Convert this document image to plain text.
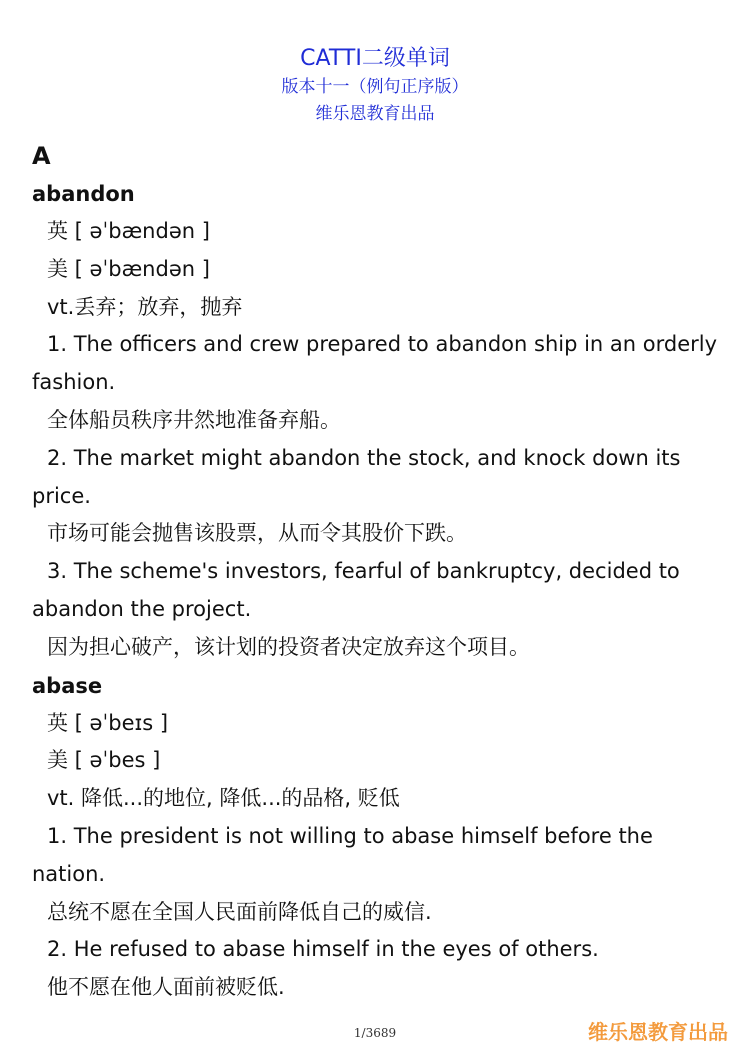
CATTI二级单词
版本十一（例句正序版）
维乐恩教育出品
A
abandon
英 [ əˈbændən ]
美 [ əˈbændən ]
vt.丢弃；放弃，抛弃
1. The officers and crew prepared to abandon ship in an orderly fashion.
全体船员秩序井然地准备弃船。
2. The market might abandon the stock, and knock down its price.
市场可能会抛售该股票，从而令其股价下跌。
3. The scheme's investors, fearful of bankruptcy, decided to abandon the project.
因为担心破产，该计划的投资者决定放弃这个项目。
abase
英 [ əˈbeɪs ]
美 [ əˈbes ]
vt. 降低...的地位, 降低...的品格, 贬低
1. The president is not willing to abase himself before the nation.
总统不愿在全国人民面前降低自己的威信.
2. He refused to abase himself in the eyes of others.
他不愿在他人面前被贬低.
1/3689	维乐恩教育出品
